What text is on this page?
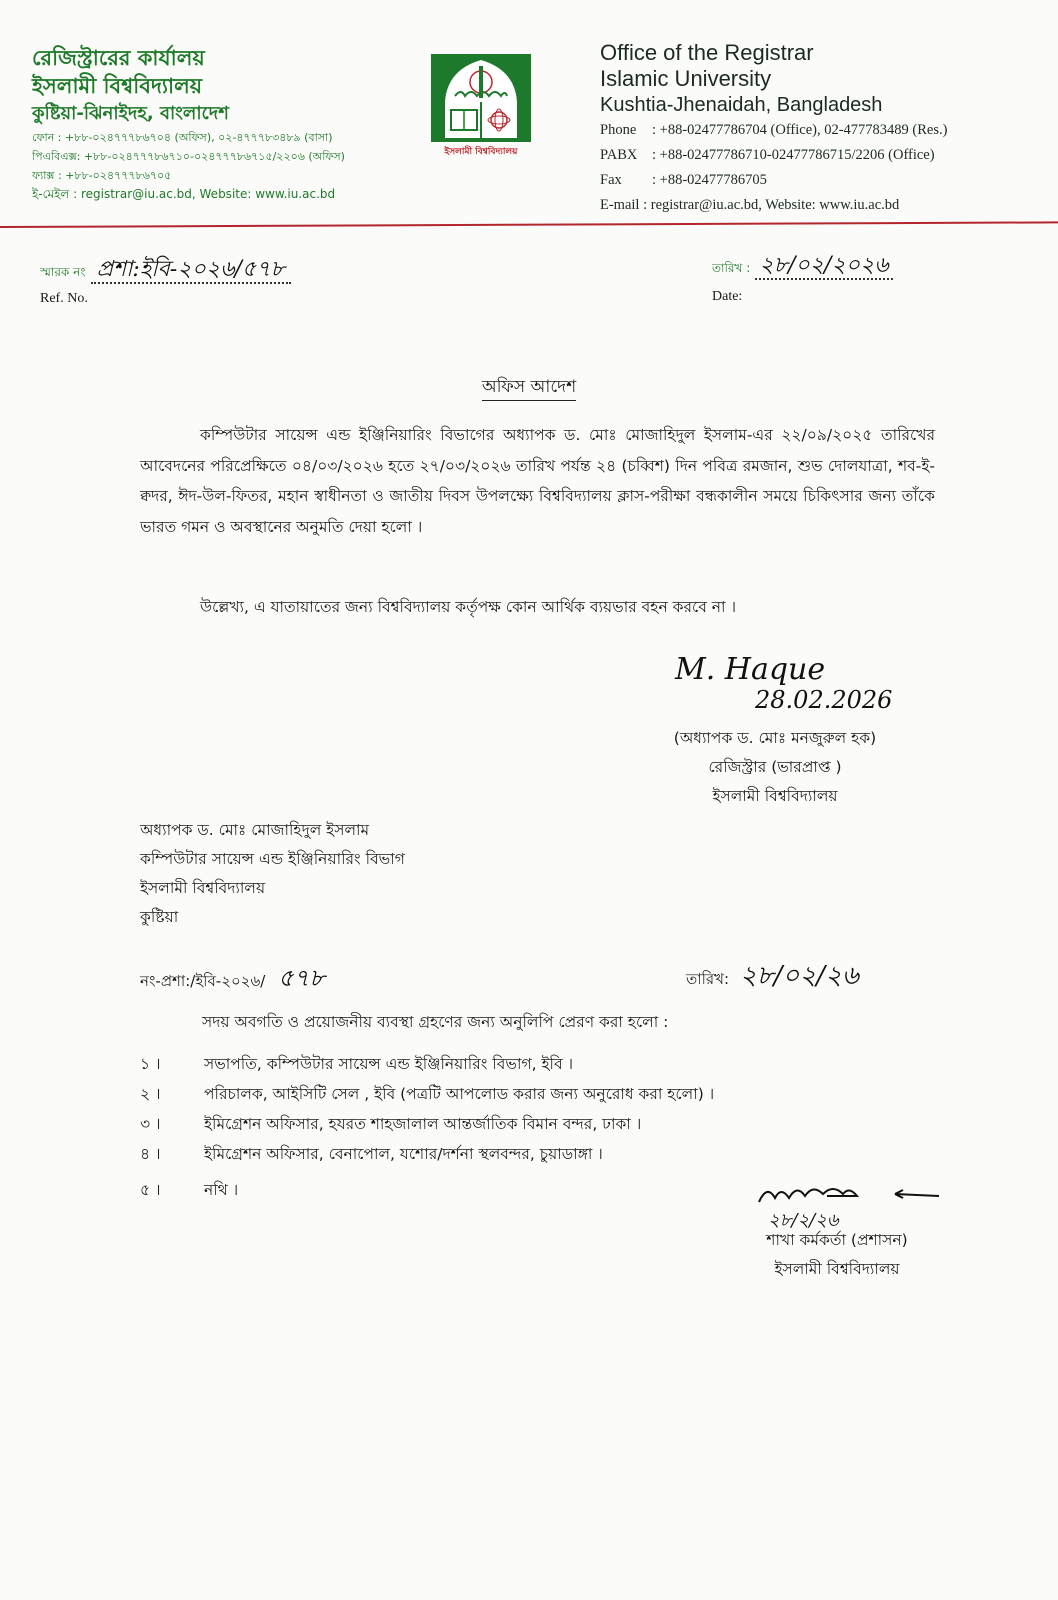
রেজিস্ট্রারের কার্যালয়
ইসলামী বিশ্ববিদ্যালয়
কুষ্টিয়া-ঝিনাইদহ, বাংলাদেশ
ফোন : +৮৮-০২৪৭৭৭৮৬৭০৪ (অফিস), ০২-৪৭৭৭৮৩৪৮৯ (বাসা)
পিএবিএক্স: +৮৮-০২৪৭৭৭৮৬৭১০-০২৪৭৭৭৮৬৭১৫/২২০৬ (অফিস)
ফ্যাক্স : +৮৮-০২৪৭৭৭৮৬৭০৫
ই-মেইল : registrar@iu.ac.bd, Website: www.iu.ac.bd
ইসলামী বিশ্ববিদ্যালয়
Office of the Registrar
Islamic University
Kushtia-Jhenaidah, Bangladesh
Phone : +88-02477786704 (Office), 02-477783489 (Res.)
PABX : +88-02477786710-02477786715/2206 (Office)
Fax : +88-02477786705
E-mail : registrar@iu.ac.bd, Website: www.iu.ac.bd
স্মারক নং প্রশা:ইবি-২০২৬/৫৭৮
Ref. No.
তারিখ : ২৮/০২/২০২৬
Date:
অফিস আদেশ
কম্পিউটার সায়েন্স এন্ড ইঞ্জিনিয়ারিং বিভাগের অধ্যাপক ড. মোঃ মোজাহিদুল ইসলাম-এর ২২/০৯/২০২৫ তারিখের আবেদনের পরিপ্রেক্ষিতে ০৪/০৩/২০২৬ হতে ২৭/০৩/২০২৬ তারিখ পর্যন্ত ২৪ (চব্বিশ) দিন পবিত্র রমজান, শুভ দোলযাত্রা, শব-ই-ক্বদর, ঈদ-উল-ফিতর, মহান স্বাধীনতা ও জাতীয় দিবস উপলক্ষ্যে বিশ্ববিদ্যালয় ক্লাস-পরীক্ষা বন্ধকালীন সময়ে চিকিৎসার জন্য তাঁকে ভারত গমন ও অবস্থানের অনুমতি দেয়া হলো ।
উল্লেখ্য, এ যাতায়াতের জন্য বিশ্ববিদ্যালয় কর্তৃপক্ষ কোন আর্থিক ব্যয়ভার বহন করবে না ।
M. Haque
28.02.2026
(অধ্যাপক ড. মোঃ মনজুরুল হক)
রেজিস্ট্রার (ভারপ্রাপ্ত )
ইসলামী বিশ্ববিদ্যালয়
অধ্যাপক ড. মোঃ মোজাহিদুল ইসলাম
কম্পিউটার সায়েন্স এন্ড ইঞ্জিনিয়ারিং বিভাগ
ইসলামী বিশ্ববিদ্যালয়
কুষ্টিয়া
নং-প্রশা:/ইবি-২০২৬/ ৫৭৮	তারিখ: ২৮/০২/২৬
সদয় অবগতি ও প্রয়োজনীয় ব্যবস্থা গ্রহণের জন্য অনুলিপি প্রেরণ করা হলো :
১ ।	সভাপতি, কম্পিউটার সায়েন্স এন্ড ইঞ্জিনিয়ারিং বিভাগ, ইবি ।
২ ।	পরিচালক, আইসিটি সেল , ইবি (পত্রটি আপলোড করার জন্য অনুরোধ করা হলো) ।
৩ ।	ইমিগ্রেশন অফিসার, হযরত শাহজালাল আন্তর্জাতিক বিমান বন্দর, ঢাকা ।
৪ ।	ইমিগ্রেশন অফিসার, বেনাপোল, যশোর/দর্শনা স্থলবন্দর, চুয়াডাঙ্গা ।
৫ ।	নথি ।
২৮/২/২৬
শাখা কর্মকর্তা (প্রশাসন)
ইসলামী বিশ্ববিদ্যালয়
